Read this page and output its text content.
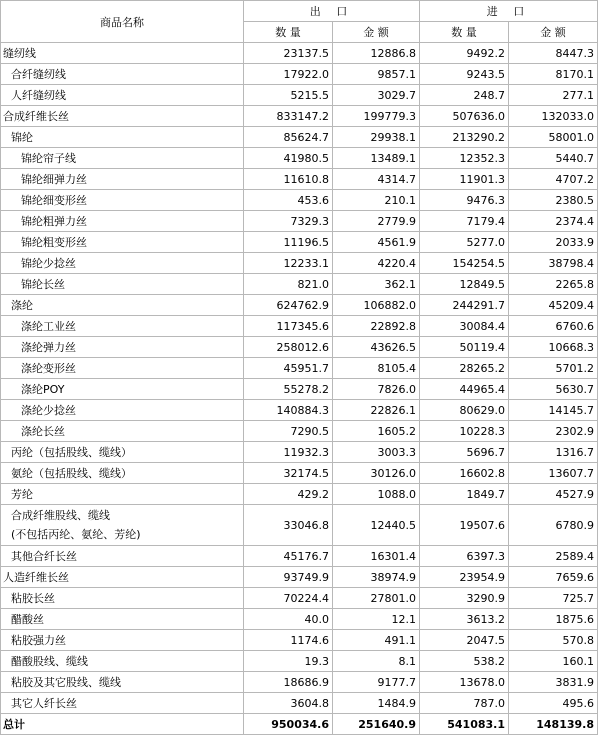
商品名称	出 口		进 口	
	数 量	金 额	数 量	金 额
缝纫线	23137.5	12886.8	9492.2	8447.3
合纤缝纫线	17922.0	9857.1	9243.5	8170.1
人纤缝纫线	5215.5	3029.7	248.7	277.1
合成纤维长丝	833147.2	199779.3	507636.0	132033.0
锦纶	85624.7	29938.1	213290.2	58001.0
锦纶帘子线	41980.5	13489.1	12352.3	5440.7
锦纶细弹力丝	11610.8	4314.7	11901.3	4707.2
锦纶细变形丝	453.6	210.1	9476.3	2380.5
锦纶粗弹力丝	7329.3	2779.9	7179.4	2374.4
锦纶粗变形丝	11196.5	4561.9	5277.0	2033.9
锦纶少捻丝	12233.1	4220.4	154254.5	38798.4
锦纶长丝	821.0	362.1	12849.5	2265.8
涤纶	624762.9	106882.0	244291.7	45209.4
涤纶工业丝	117345.6	22892.8	30084.4	6760.6
涤纶弹力丝	258012.6	43626.5	50119.4	10668.3
涤纶变形丝	45951.7	8105.4	28265.2	5701.2
涤纶POY	55278.2	7826.0	44965.4	5630.7
涤纶少捻丝	140884.3	22826.1	80629.0	14145.7
涤纶长丝	7290.5	1605.2	10228.3	2302.9
丙纶（包括股线、缆线）	11932.3	3003.3	5696.7	1316.7
氨纶（包括股线、缆线）	32174.5	30126.0	16602.8	13607.7
芳纶	429.2	1088.0	1849.7	4527.9

合成纤维股线、缆线
(不包括丙纶、氨纶、芳纶)	33046.8	12440.5	19507.6	6780.9
其他合纤长丝	45176.7	16301.4	6397.3	2589.4
人造纤维长丝	93749.9	38974.9	23954.9	7659.6
粘胶长丝	70224.4	27801.0	3290.9	725.7
醋酸丝	40.0	12.1	3613.2	1875.6
粘胶强力丝	1174.6	491.1	2047.5	570.8
醋酸股线、缆线	19.3	8.1	538.2	160.1
粘胶及其它股线、缆线	18686.9	9177.7	13678.0	3831.9
其它人纤长丝	3604.8	1484.9	787.0	495.6
总计	950034.6	251640.9	541083.1	148139.8
